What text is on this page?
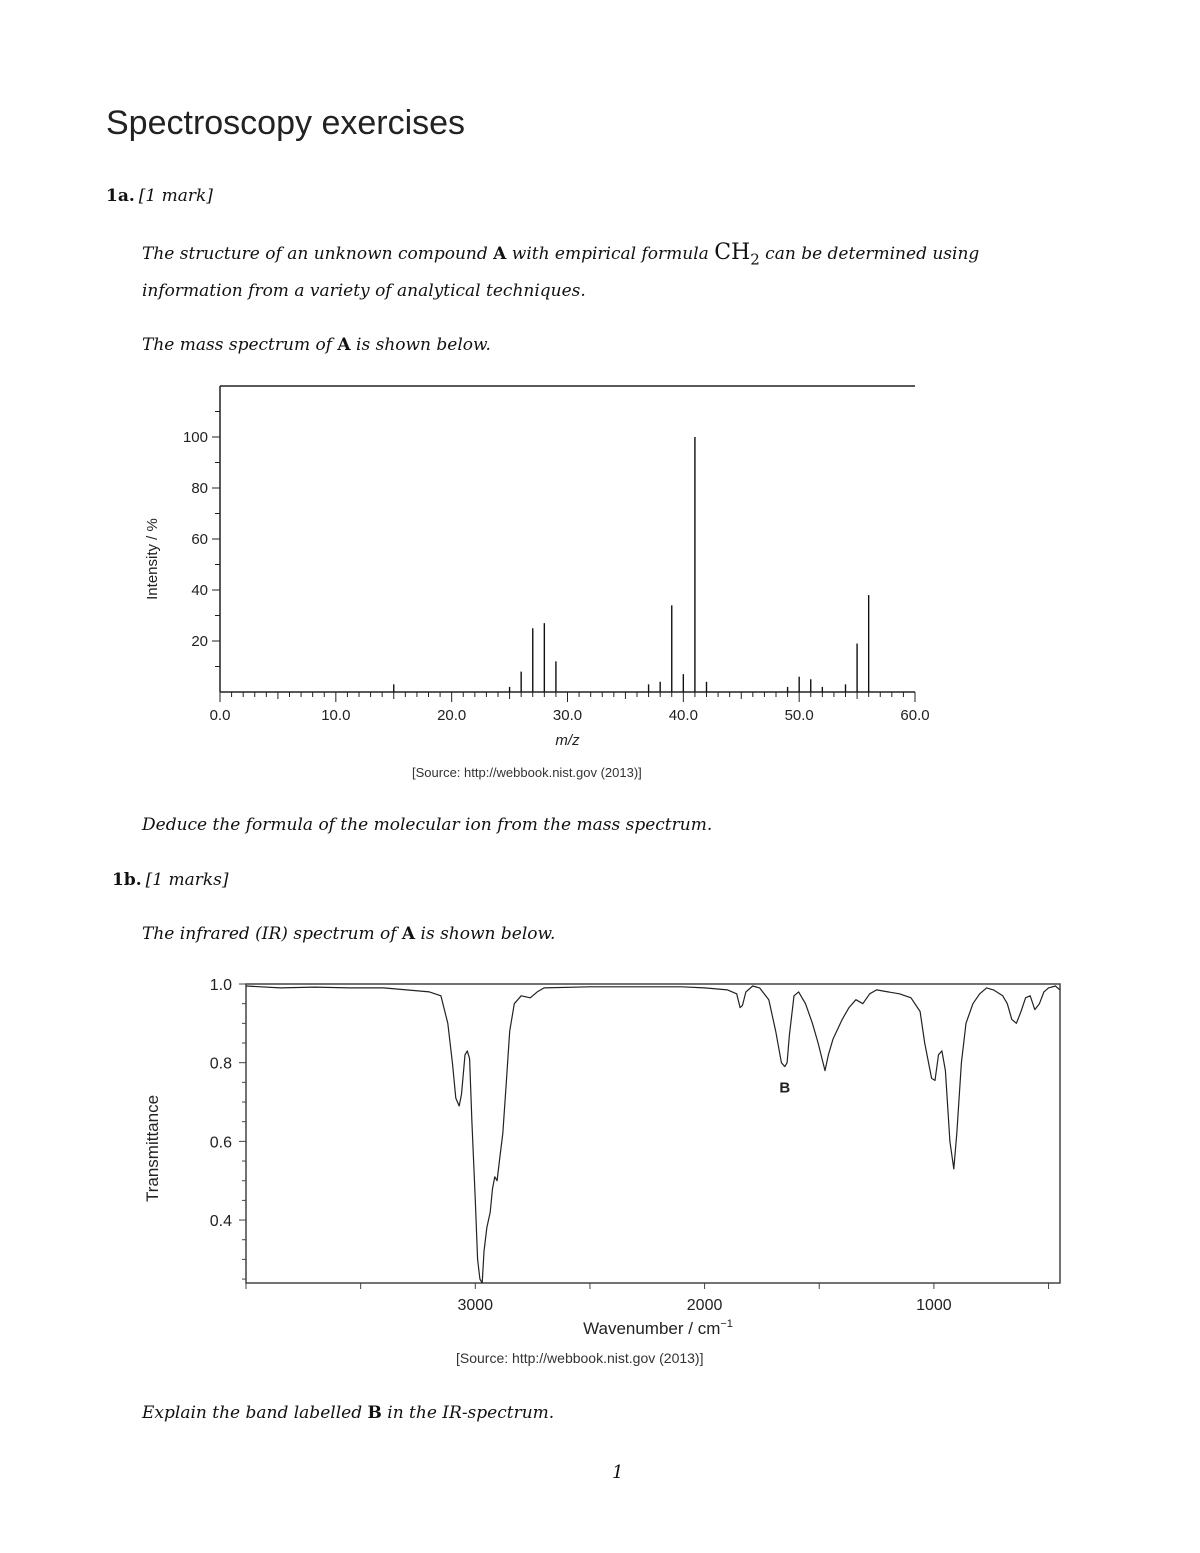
Spectroscopy exercises
1a. [1 mark]
The structure of an unknown compound A with empirical formula $CH_2$ can be determined using
information from a variety of analytical techniques.
The mass spectrum of A is shown below.
20
40
60
80
100
0.0	10.0	20.0	30.0	40.0	50.0	60.0
m/z
Intensity / %
[Source: http://webbook.nist.gov (2013)]
Deduce the formula of the molecular ion from the mass spectrum.
1b. [1 marks]
The infrared (IR) spectrum of A is shown below.
1.0
0.8
0.6
0.4
3000	2000	1000
B
Wavenumber / $cm^{-1}$
Transmittance
[Source: http://webbook.nist.gov (2013)]
Explain the band labelled B in the IR-spectrum.
1
